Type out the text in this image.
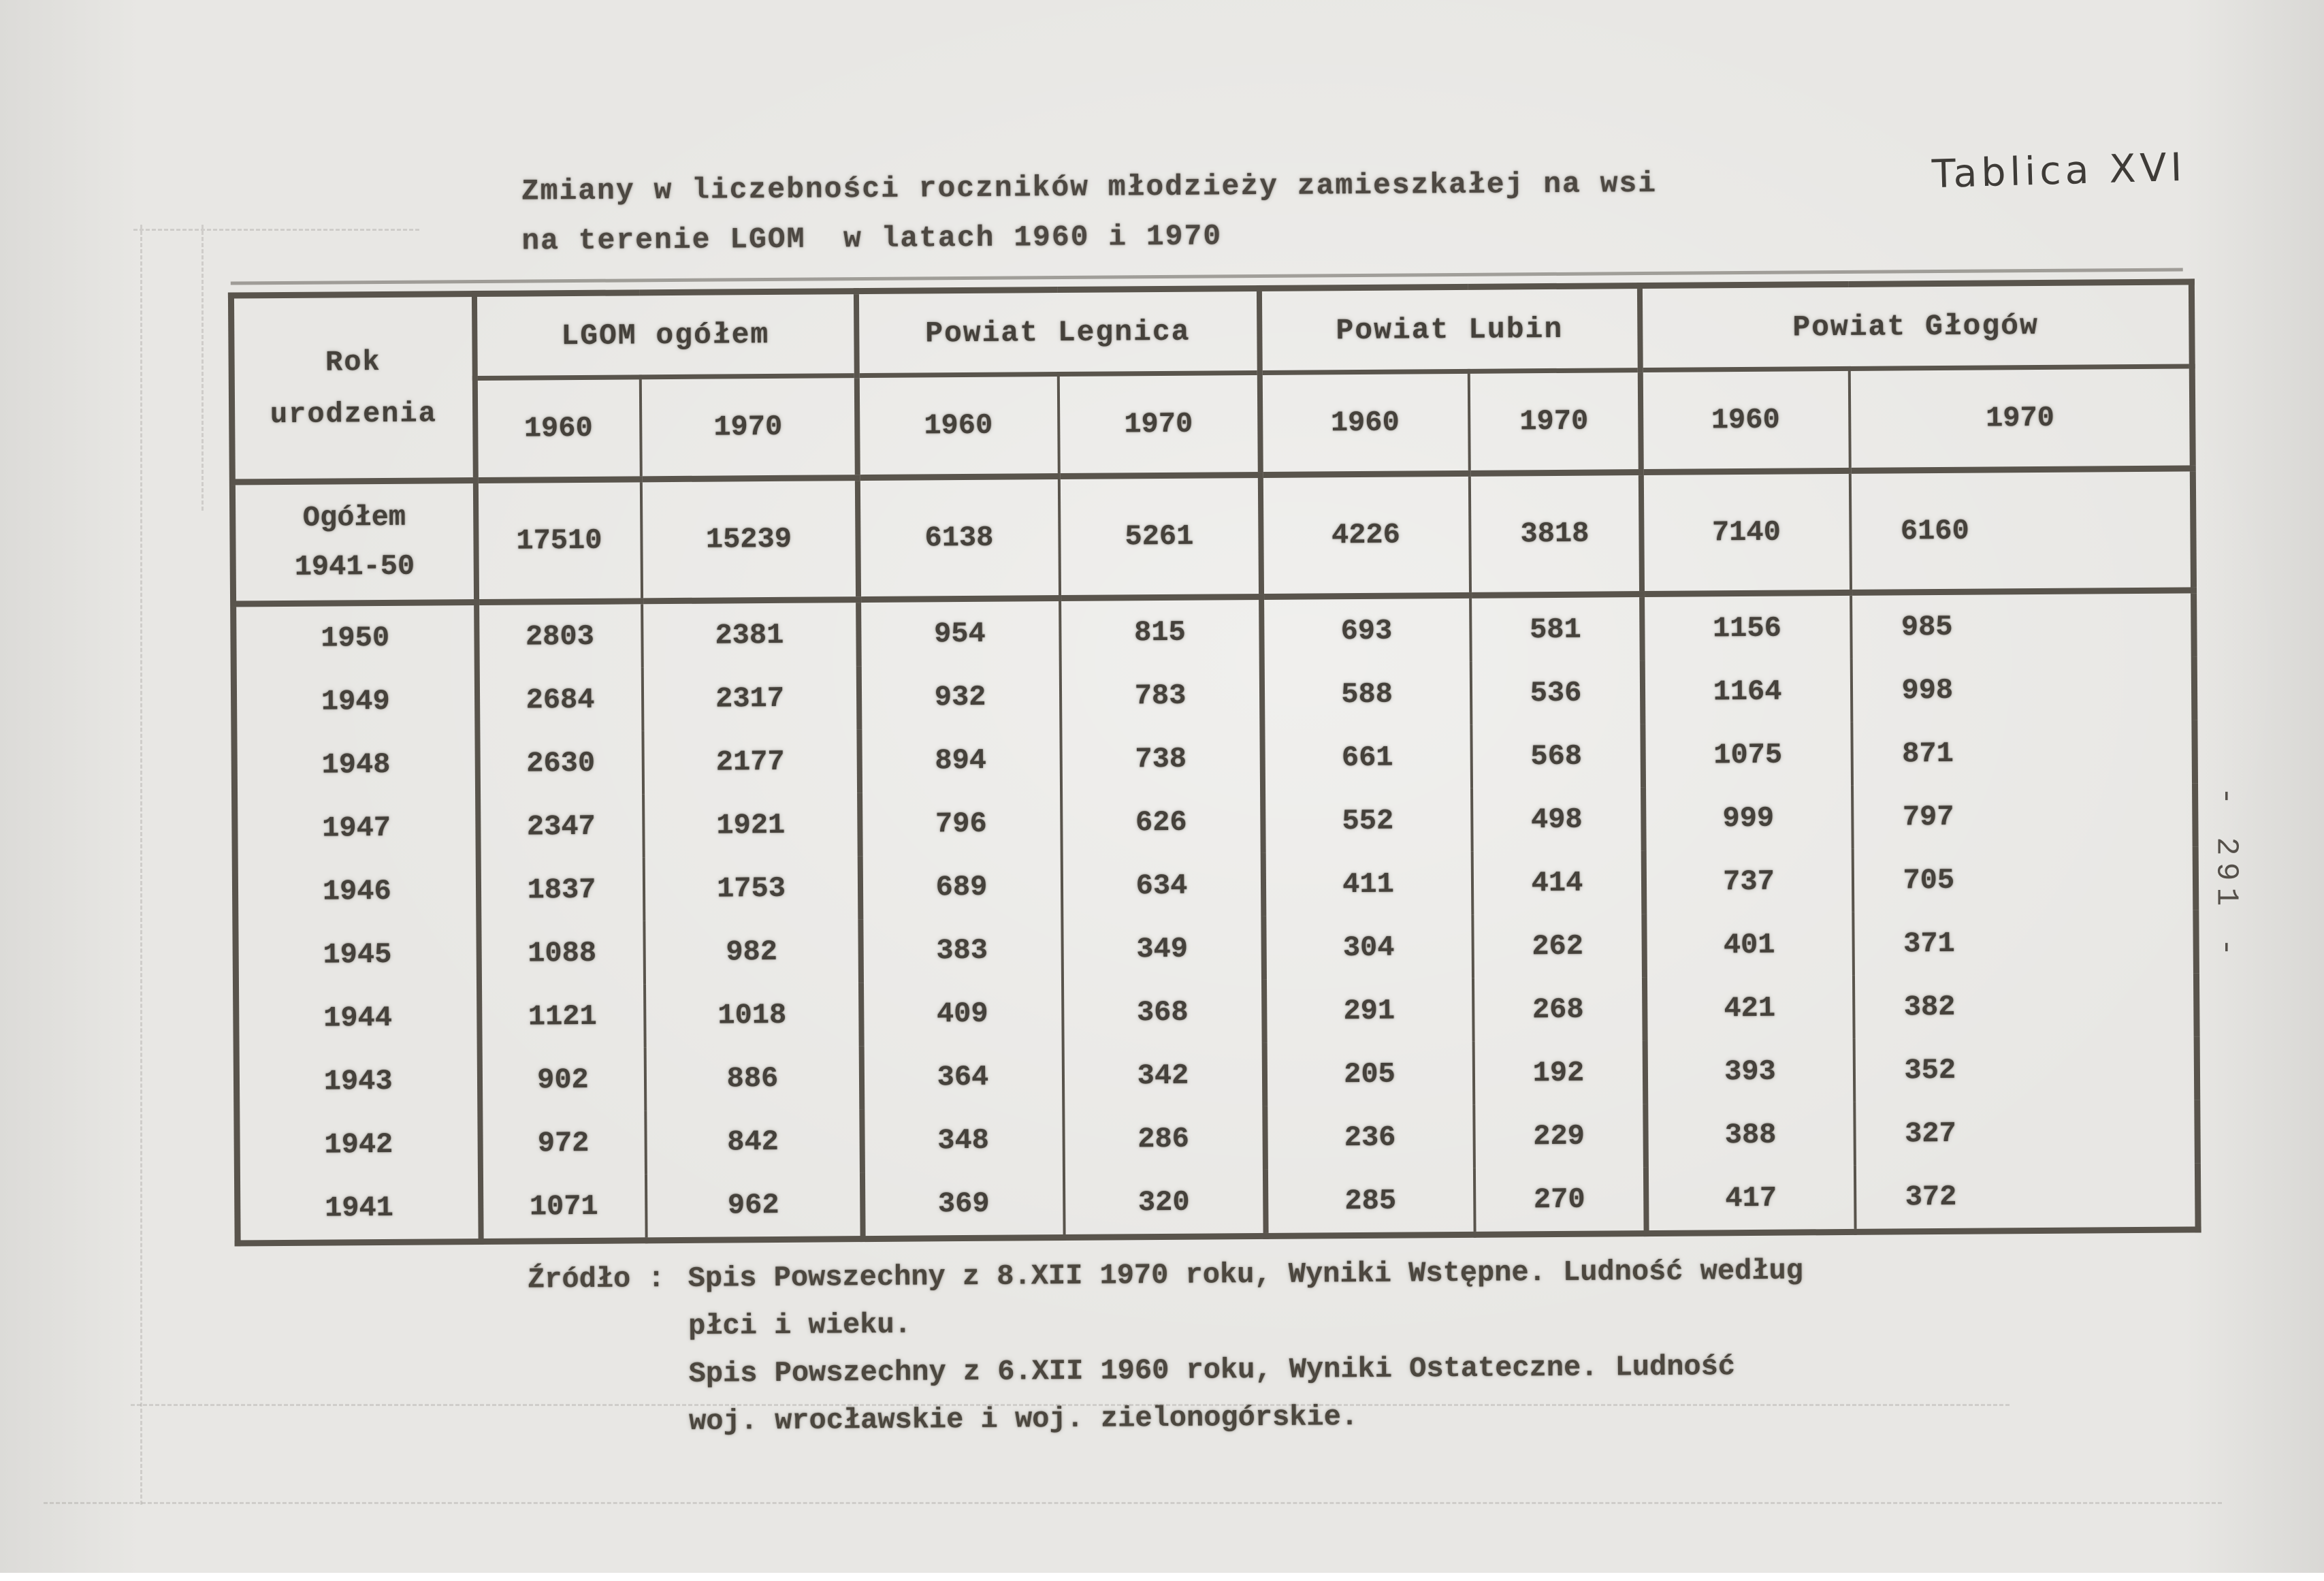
Tablica XVI
Zmiany w liczebności roczników młodzieży zamieszkałej na wsi
na terenie LGOM  w latach 1960 i 1970
Rok
urodzenia	LGOM ogółem		Powiat Legnica		Powiat Lubin		Powiat Głogów	
	1960	1970	1960	1970	1960	1970	1960	1970

Ogółem
1941-50	17510	15239	6138	5261	4226	3818	7140	6160
1950	2803	2381	954	815	693	581	1156	985
1949	2684	2317	932	783	588	536	1164	998
1948	2630	2177	894	738	661	568	1075	871
1947	2347	1921	796	626	552	498	999	797
1946	1837	1753	689	634	411	414	737	705
1945	1088	982	383	349	304	262	401	371
1944	1121	1018	409	368	291	268	421	382
1943	902	886	364	342	205	192	393	352
1942	972	842	348	286	236	229	388	327
1941	1071	962	369	320	285	270	417	372
Źródło : Spis Powszechny z 8.XII 1970 roku, Wyniki Wstępne. Ludność według
płci i wieku.
Spis Powszechny z 6.XII 1960 roku, Wyniki Ostateczne. Ludność
woj. wrocławskie i woj. zielonogórskie.
- 291 -
